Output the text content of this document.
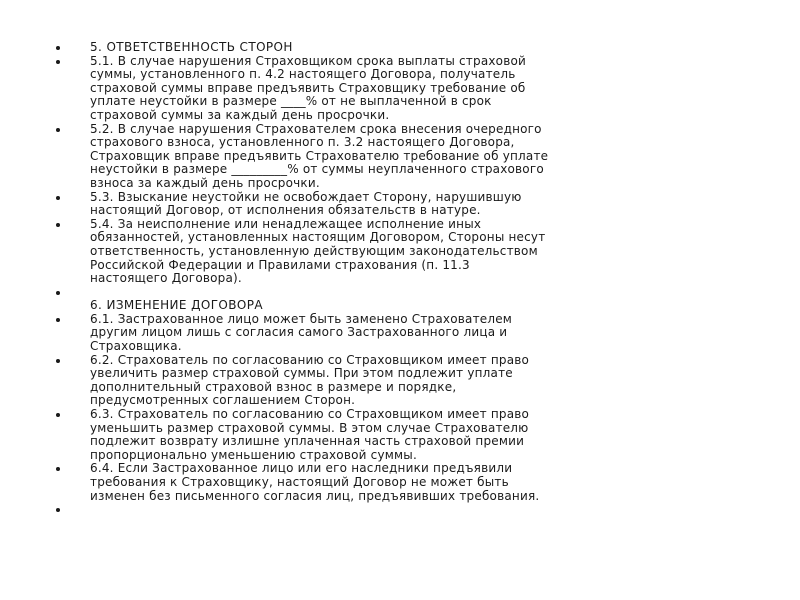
5. ОТВЕТСТВЕННОСТЬ СТОРОН
5.1. В случае нарушения Страховщиком срока выплаты страховой
суммы, установленного п. 4.2 настоящего Договора, получатель
страховой суммы вправе предъявить Страховщику требование об
уплате неустойки в размере ____% от не выплаченной в срок
страховой суммы за каждый день просрочки.
5.2. В случае нарушения Страхователем срока внесения очередного
страхового взноса, установленного п. 3.2 настоящего Договора,
Страховщик вправе предъявить Страхователю требование об уплате
неустойки в размере _________% от суммы неуплаченного страхового
взноса за каждый день просрочки.
5.3. Взыскание неустойки не освобождает Сторону, нарушившую
настоящий Договор, от исполнения обязательств в натуре.
5.4. За неисполнение или ненадлежащее исполнение иных
обязанностей, установленных настоящим Договором, Стороны несут
ответственность, установленную действующим законодательством
Российской Федерации и Правилами страхования (п. 11.3
настоящего Договора).
6. ИЗМЕНЕНИЕ ДОГОВОРА
6.1. Застрахованное лицо может быть заменено Страхователем
другим лицом лишь с согласия самого Застрахованного лица и
Страховщика.
6.2. Страхователь по согласованию со Страховщиком имеет право
увеличить размер страховой суммы. При этом подлежит уплате
дополнительный страховой взнос в размере и порядке,
предусмотренных соглашением Сторон.
6.3. Страхователь по согласованию со Страховщиком имеет право
уменьшить размер страховой суммы. В этом случае Страхователю
подлежит возврату излишне уплаченная часть страховой премии
пропорционально уменьшению страховой суммы.
6.4. Если Застрахованное лицо или его наследники предъявили
требования к Страховщику, настоящий Договор не может быть
изменен без письменного согласия лиц, предъявивших требования.
